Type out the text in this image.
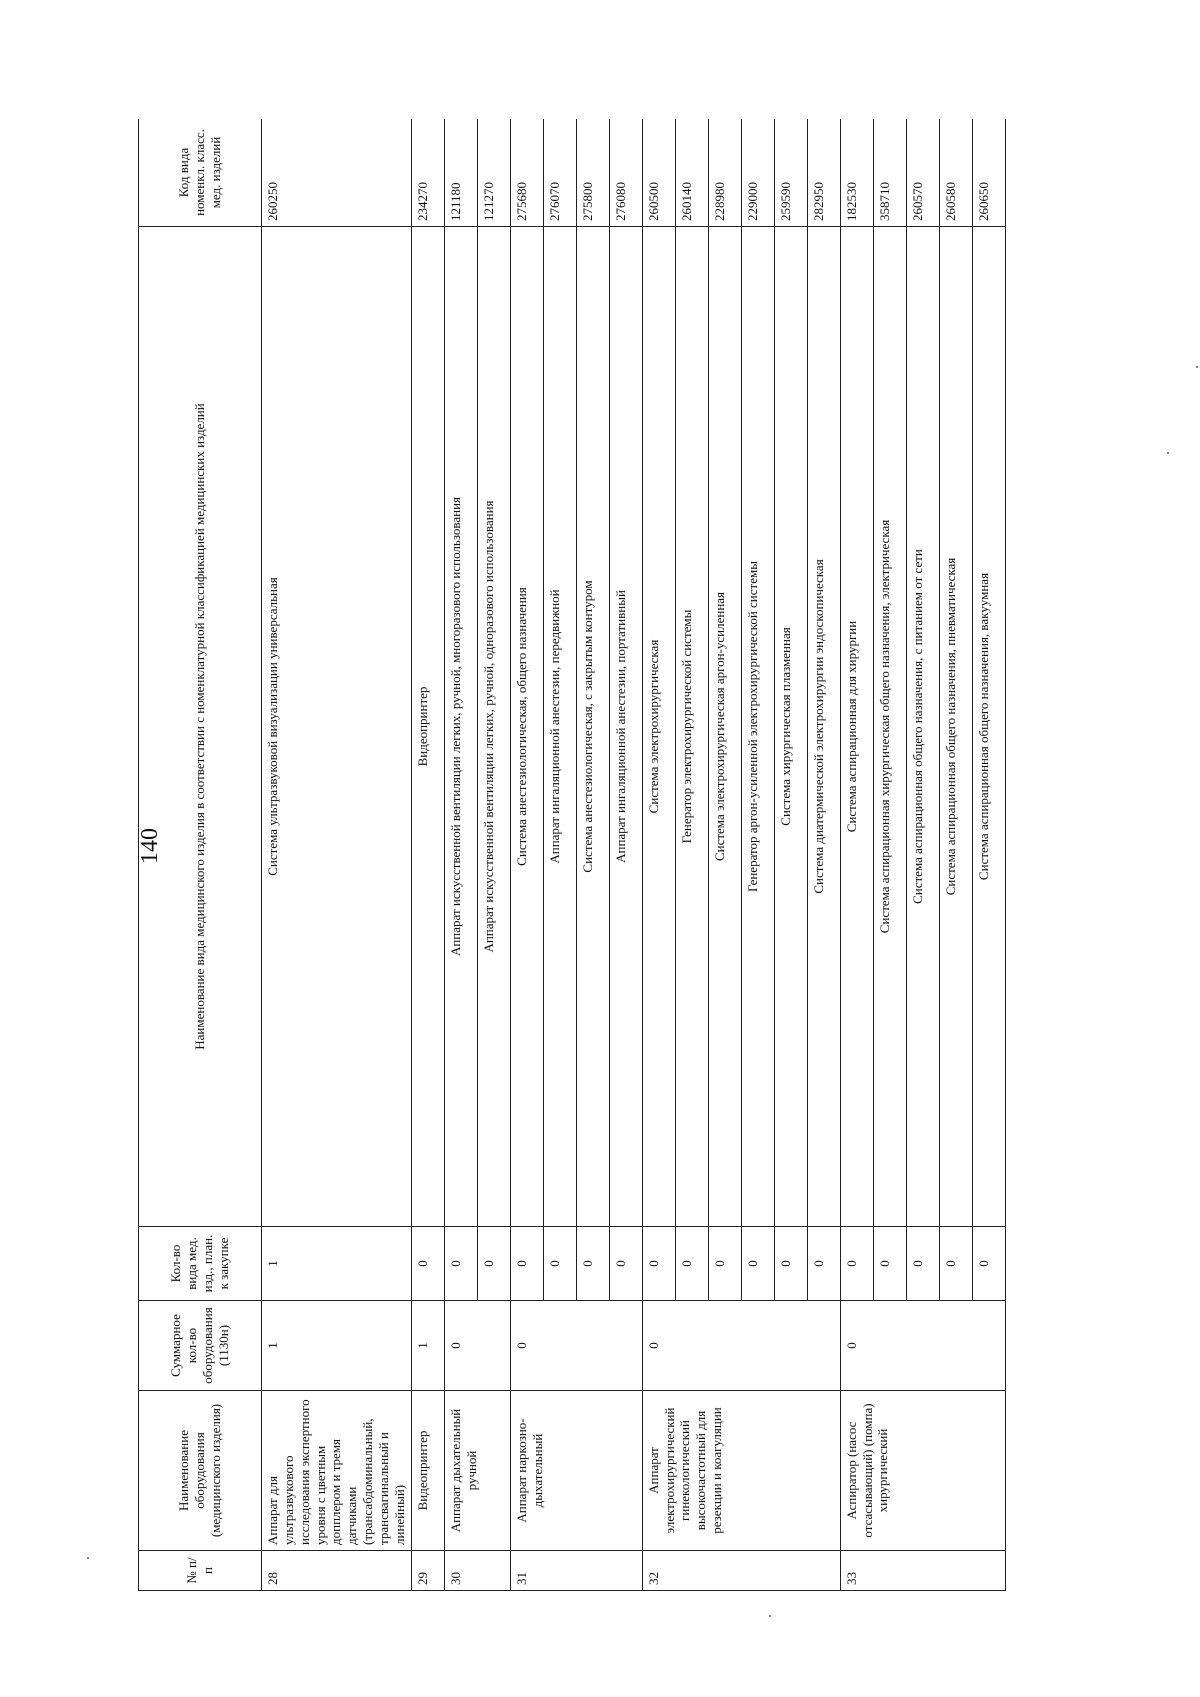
140
№ п/п	Наименование оборудования (медицинского изделия)	Суммарное кол-во оборудования (1130н)	Кол-во вида мед. изд., план. к закупке	Наименование вида медицинского изделия в соответствии с номенклатурной классификацией медицинских изделий	Код вида номенкл. класс. мед. изделий
28	Аппарат для ультразвукового исследования экспертного уровня с цветным допплером и тремя датчиками (трансабдоминальный, трансвагинальный и линейный)	1	1	Система ультразвуковой визуализации универсальная	260250
29	Видеопринтер	1	0	Видеопринтер	234270
30	Аппарат дыхательный ручной	0	0	Аппарат искусственной вентиляции легких, ручной, многоразового использования	121180
			0	Аппарат искусственной вентиляции легких, ручной, одноразового использования	121270
31	Аппарат наркозно- дыхательный	0	0	Система анестезиологическая, общего назначения	275680
			0	Аппарат ингаляционной анестезии, передвижной	276070
			0	Система анестезиологическая, с закрытым контуром	275800
			0	Аппарат ингаляционной анестезии, портативный	276080
32	Аппарат электрохирургический гинекологический высокочастотный для резекции и коагуляции	0	0	Система электрохирургическая	260500
			0	Генератор электрохирургической системы	260140
			0	Система электрохирургическая аргон-усиленная	228980
			0	Генератор аргон-усиленной электрохирургической системы	229000
			0	Система хирургическая плазменная	259590
			0	Система диатермической электрохирургии эндоскопическая	282950
33	Аспиратор (насос отсасывающий) (помпа) хирургический	0	0	Система аспирационная для хирургии	182530
			0	Система аспирационная хирургическая общего назначения, электрическая	358710
			0	Система аспирационная общего назначения, с питанием от сети	260570
			0	Система аспирационная общего назначения, пневматическая	260580
			0	Система аспирационная общего назначения, вакуумная	260650
